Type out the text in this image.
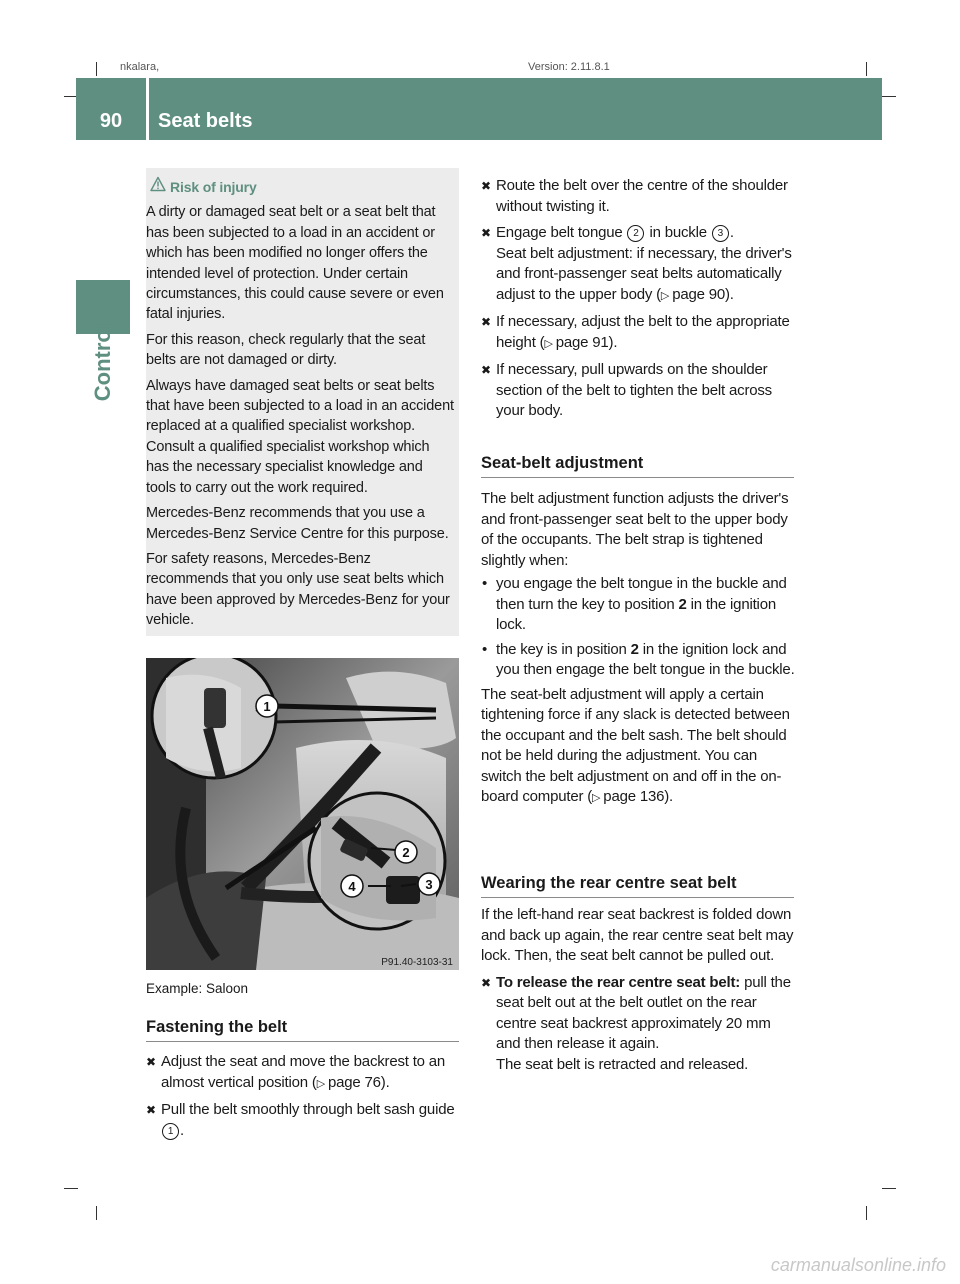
nkalara,	Version: 2.11.8.1
90	Seat belts
Controls
Risk of injury

A dirty or damaged seat belt or a seat belt that has been subjected to a load in an accident or which has been modified no longer offers the intended level of protection. Under certain circumstances, this could cause severe or even fatal injuries.

For this reason, check regularly that the seat belts are not damaged or dirty.

Always have damaged seat belts or seat belts that have been subjected to a load in an accident replaced at a qualified specialist workshop. Consult a qualified specialist workshop which has the necessary specialist knowledge and tools to carry out the work required.

Mercedes-Benz recommends that you use a Mercedes-Benz Service Centre for this purpose.

For safety reasons, Mercedes-Benz recommends that you only use seat belts which have been approved by Mercedes-Benz for your vehicle.

1
2
3
4
P91.40-3103-31
Example: Saloon
Fastening the belt
✖ Adjust the seat and move the backrest to an almost vertical position (▷ page 76).
✖ Pull the belt smoothly through belt sash guide 1 .
✖ Route the belt over the centre of the shoulder without twisting it.
✖ Engage belt tongue 2 in buckle 3 .
Seat belt adjustment: if necessary, the driver's and front-passenger seat belts automatically adjust to the upper body (▷ page 90).
✖ If necessary, adjust the belt to the appropriate height (▷ page 91).
✖ If necessary, pull upwards on the shoulder section of the belt to tighten the belt across your body.
Seat-belt adjustment

The belt adjustment function adjusts the driver's and front-passenger seat belt to the upper body of the occupants. The belt strap is tightened slightly when:

• you engage the belt tongue in the buckle and then turn the key to position 2 in the ignition lock.
• the key is in position 2 in the ignition lock and you then engage the belt tongue in the buckle.

The seat-belt adjustment will apply a certain tightening force if any slack is detected between the occupant and the belt sash. The belt should not be held during the adjustment. You can switch the belt adjustment on and off in the on-board computer (▷ page 136).

Wearing the rear centre seat belt

If the left-hand rear seat backrest is folded down and back up again, the rear centre seat belt may lock. Then, the seat belt cannot be pulled out.

✖ To release the rear centre seat belt: pull the seat belt out at the belt outlet on the rear centre seat backrest approximately 20 mm and then release it again.
The seat belt is retracted and released.
carmanualsonline.info
